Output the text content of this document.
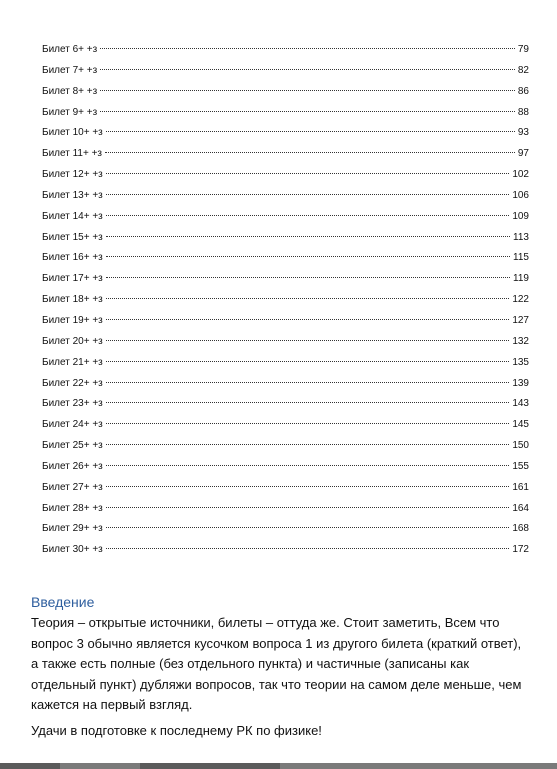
Билет 6+ +з	79
Билет 7+ +з	82
Билет 8+ +з	86
Билет 9+ +з	88
Билет 10+ +з	93
Билет 11+ +з	97
Билет 12+ +з	102
Билет 13+ +з	106
Билет 14+ +з	109
Билет 15+ +з	113
Билет 16+ +з	115
Билет 17+ +з	119
Билет 18+ +з	122
Билет 19+ +з	127
Билет 20+ +з	132
Билет 21+ +з	135
Билет 22+ +з	139
Билет 23+ +з	143
Билет 24+ +з	145
Билет 25+ +з	150
Билет 26+ +з	155
Билет 27+ +з	161
Билет 28+ +з	164
Билет 29+ +з	168
Билет 30+ +з	172
Введение

Теория – открытые источники, билеты – оттуда же. Стоит заметить, Всем что вопрос 3 обычно является кусочком вопроса 1 из другого билета (краткий ответ), а также есть полные (без отдельного пункта) и частичные (записаны как отдельный пункт) дубляжи вопросов, так что теории на самом деле меньше, чем кажется на первый взгляд.

Удачи в подготовке к последнему РК по физике!
